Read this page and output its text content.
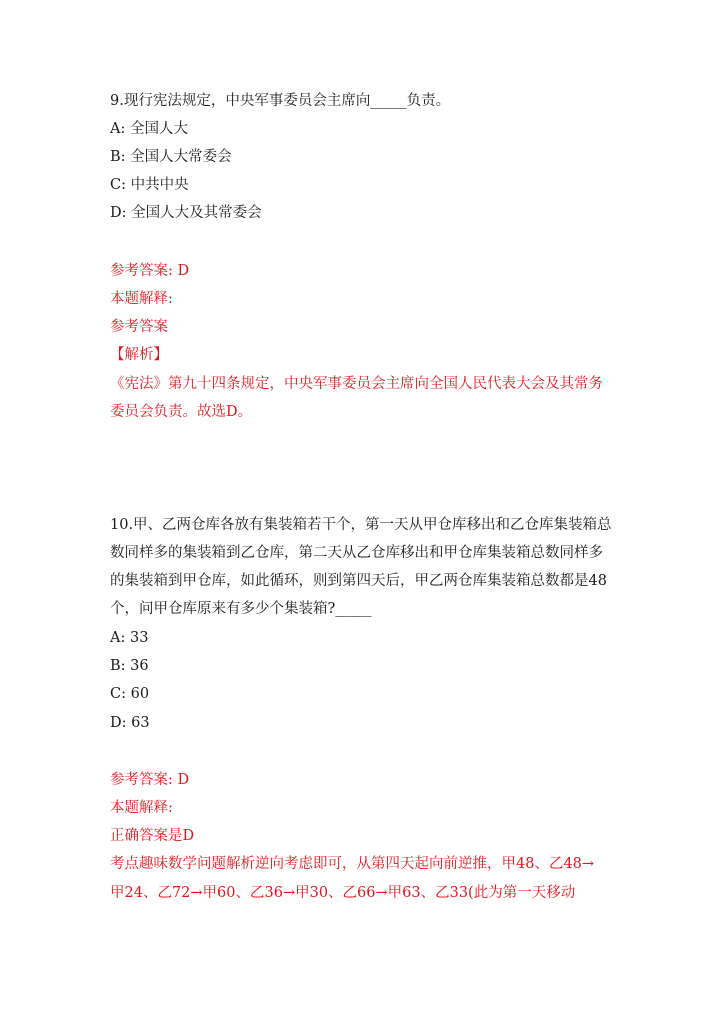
9.现行宪法规定，中央军事委员会主席向_____负责。
A: 全国人大
B: 全国人大常委会
C: 中共中央
D: 全国人大及其常委会
参考答案: D
本题解释:
参考答案
【解析】
《宪法》第九十四条规定，中央军事委员会主席向全国人民代表大会及其常务
委员会负责。故选D。
10.甲、乙两仓库各放有集装箱若干个，第一天从甲仓库移出和乙仓库集装箱总
数同样多的集装箱到乙仓库，第二天从乙仓库移出和甲仓库集装箱总数同样多
的集装箱到甲仓库，如此循环，则到第四天后，甲乙两仓库集装箱总数都是48
个，问甲仓库原来有多少个集装箱?_____
A: 33
B: 36
C: 60
D: 63
参考答案: D
本题解释:
正确答案是D
考点趣味数学问题解析逆向考虑即可，从第四天起向前逆推，甲48、乙48→
甲24、乙72→甲60、乙36→甲30、乙66→甲63、乙33(此为第一天移动
